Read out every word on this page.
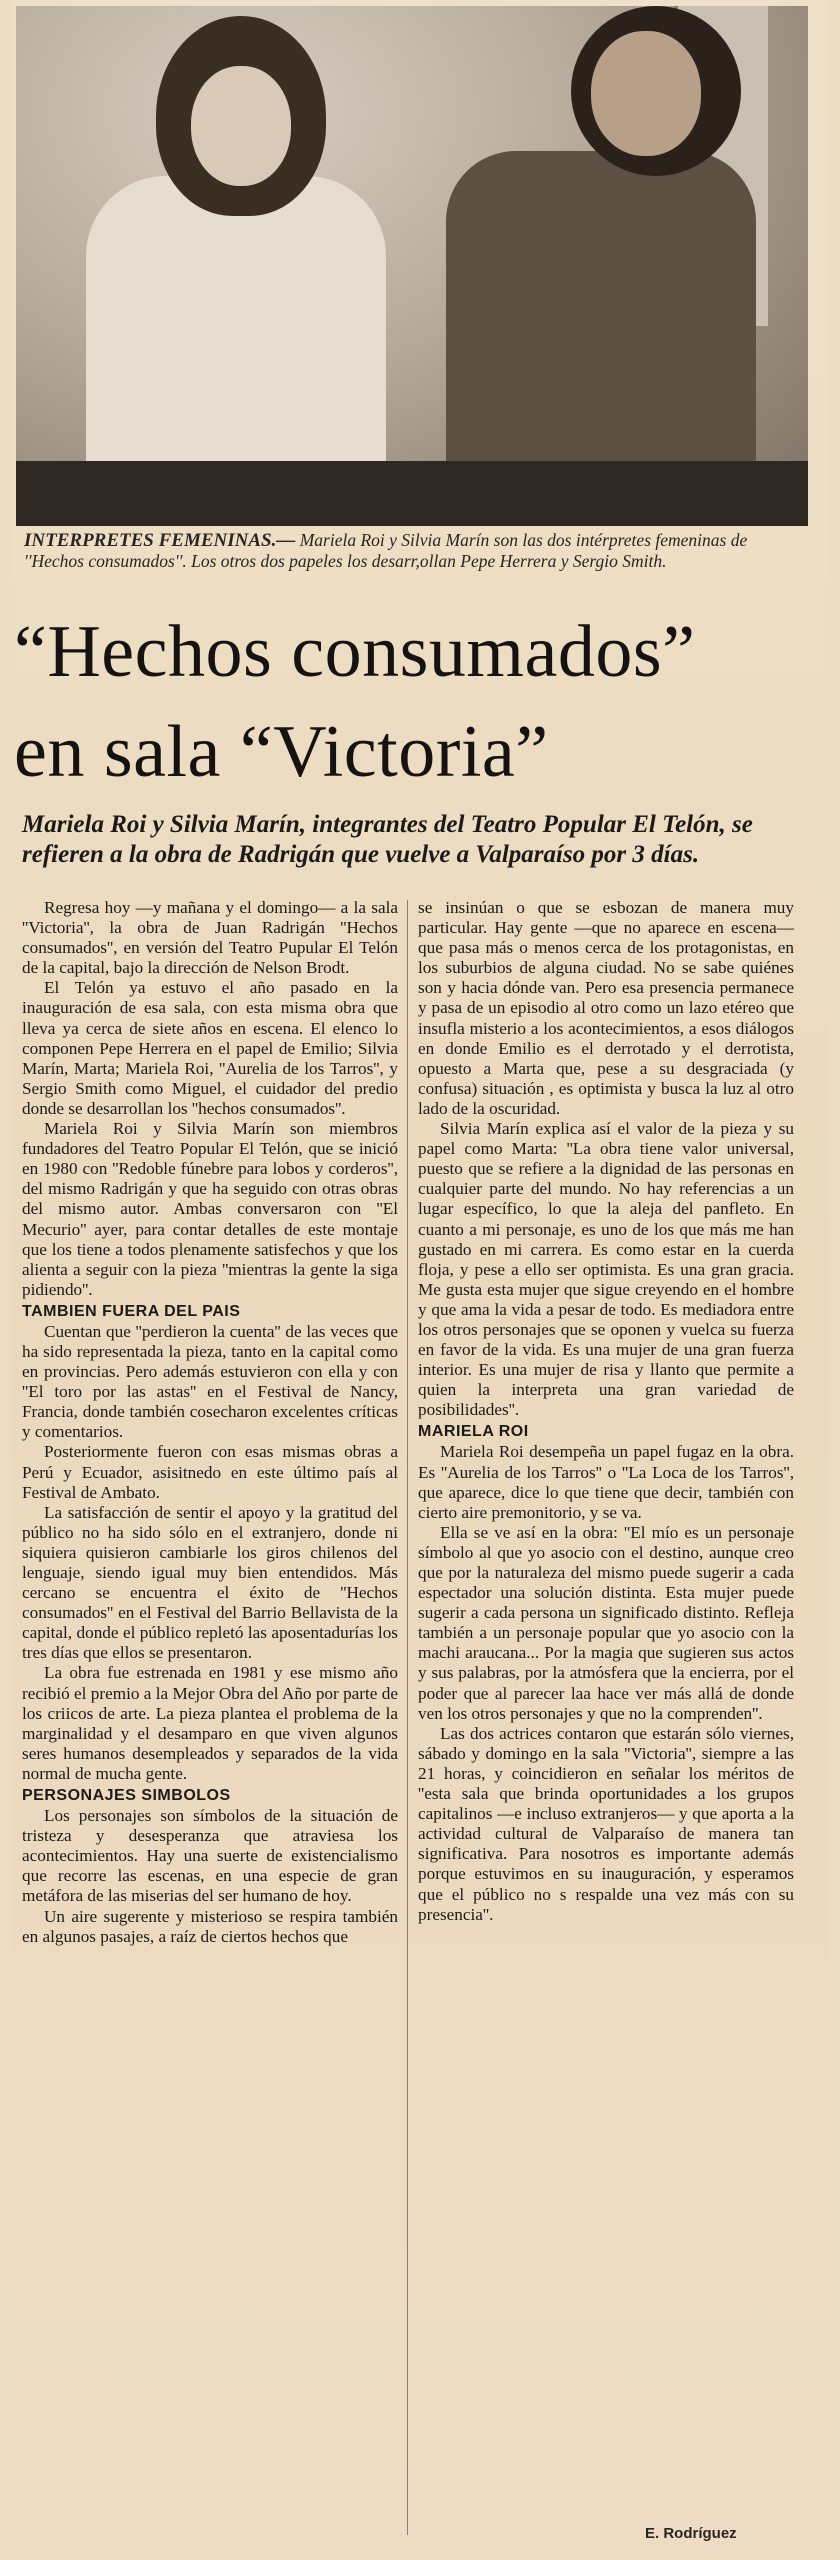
INTERPRETES FEMENINAS.— Mariela Roi y Silvia Marín son las dos intérpretes femeninas de ''Hechos consumados''. Los otros dos papeles los desarr,ollan Pepe Herrera y Sergio Smith.
“Hechos consumados”
en sala “Victoria”
Mariela Roi y Silvia Marín, integrantes del Teatro Popular El Telón, se refieren a la obra de Radrigán que vuelve a Valparaíso por 3 días.

Regresa hoy —y mañana y el domingo— a la sala ''Victoria'', la obra de Juan Radrigán ''Hechos consumados'', en versión del Teatro Pupular El Telón de la capital, bajo la dirección de Nelson Brodt.

El Telón ya estuvo el año pasado en la inauguración de esa sala, con esta misma obra que lleva ya cerca de siete años en escena. El elenco lo componen Pepe Herrera en el papel de Emilio; Silvia Marín, Marta; Mariela Roi, ''Aurelia de los Tarros'', y Sergio Smith como Miguel, el cuidador del predio donde se desarrollan los ''hechos consumados''.

Mariela Roi y Silvia Marín son miembros fundadores del Teatro Popular El Telón, que se inició en 1980 con ''Redoble fúnebre para lobos y corderos'', del mismo Radrigán y que ha seguido con otras obras del mismo autor. Ambas conversaron con ''El Mecurio'' ayer, para contar detalles de este montaje que los tiene a todos plenamente satisfechos y que los alienta a seguir con la pieza ''mientras la gente la siga pidiendo''.

TAMBIEN FUERA DEL PAIS

Cuentan que ''perdieron la cuenta'' de las veces que ha sido representada la pieza, tanto en la capital como en provincias. Pero además estuvieron con ella y con ''El toro por las astas'' en el Festival de Nancy, Francia, donde también cosecharon excelentes críticas y comentarios.

Posteriormente fueron con esas mismas obras a Perú y Ecuador, asisitnedo en este último país al Festival de Ambato.

La satisfacción de sentir el apoyo y la gratitud del público no ha sido sólo en el extranjero, donde ni siquiera quisieron cambiarle los giros chilenos del lenguaje, siendo igual muy bien entendidos. Más cercano se encuentra el éxito de ''Hechos consumados'' en el Festival del Barrio Bellavista de la capital, donde el público repletó las aposentadurías los tres días que ellos se presentaron.

La obra fue estrenada en 1981 y ese mismo año recibió el premio a la Mejor Obra del Año por parte de los criicos de arte. La pieza plantea el problema de la marginalidad y el desamparo en que viven algunos seres humanos desempleados y separados de la vida normal de mucha gente.

PERSONAJES SIMBOLOS

Los personajes son símbolos de la situación de tristeza y desesperanza que atraviesa los acontecimientos. Hay una suerte de existencialismo que recorre las escenas, en una especie de gran metáfora de las miserias del ser humano de hoy.

Un aire sugerente y misterioso se respira también en algunos pasajes, a raíz de ciertos hechos que

se insinúan o que se esbozan de manera muy particular. Hay gente —que no aparece en escena— que pasa más o menos cerca de los protagonistas, en los suburbios de alguna ciudad. No se sabe quiénes son y hacia dónde van. Pero esa presencia permanece y pasa de un episodio al otro como un lazo etéreo que insufla misterio a los acontecimientos, a esos diálogos en donde Emilio es el derrotado y el derrotista, opuesto a Marta que, pese a su desgraciada (y confusa) situación , es optimista y busca la luz al otro lado de la oscuridad.

Silvia Marín explica así el valor de la pieza y su papel como Marta: ''La obra tiene valor universal, puesto que se refiere a la dignidad de las personas en cualquier parte del mundo. No hay referencias a un lugar específico, lo que la aleja del panfleto. En cuanto a mi personaje, es uno de los que más me han gustado en mi carrera. Es como estar en la cuerda floja, y pese a ello ser optimista. Es una gran gracia. Me gusta esta mujer que sigue creyendo en el hombre y que ama la vida a pesar de todo. Es mediadora entre los otros personajes que se oponen y vuelca su fuerza en favor de la vida. Es una mujer de una gran fuerza interior. Es una mujer de risa y llanto que permite a quien la interpreta una gran variedad de posibilidades''.

MARIELA ROI

Mariela Roi desempeña un papel fugaz en la obra. Es ''Aurelia de los Tarros'' o ''La Loca de los Tarros'', que aparece, dice lo que tiene que decir, también con cierto aire premonitorio, y se va.

Ella se ve así en la obra: ''El mío es un personaje símbolo al que yo asocio con el destino, aunque creo que por la naturaleza del mismo puede sugerir a cada espectador una solución distinta. Esta mujer puede sugerir a cada persona un significado distinto. Refleja también a un personaje popular que yo asocio con la machi araucana... Por la magia que sugieren sus actos y sus palabras, por la atmósfera que la encierra, por el poder que al parecer laa hace ver más allá de donde ven los otros personajes y que no la comprenden''.

Las dos actrices contaron que estarán sólo viernes, sábado y domingo en la sala ''Victoria'', siempre a las 21 horas, y coincidieron en señalar los méritos de ''esta sala que brinda oportunidades a los grupos capitalinos —e incluso extranjeros— y que aporta a la actividad cultural de Valparaíso de manera tan significativa. Para nosotros es importante además porque estuvimos en su inauguración, y esperamos que el público no s respalde una vez más con su presencia''.

E. Rodríguez
